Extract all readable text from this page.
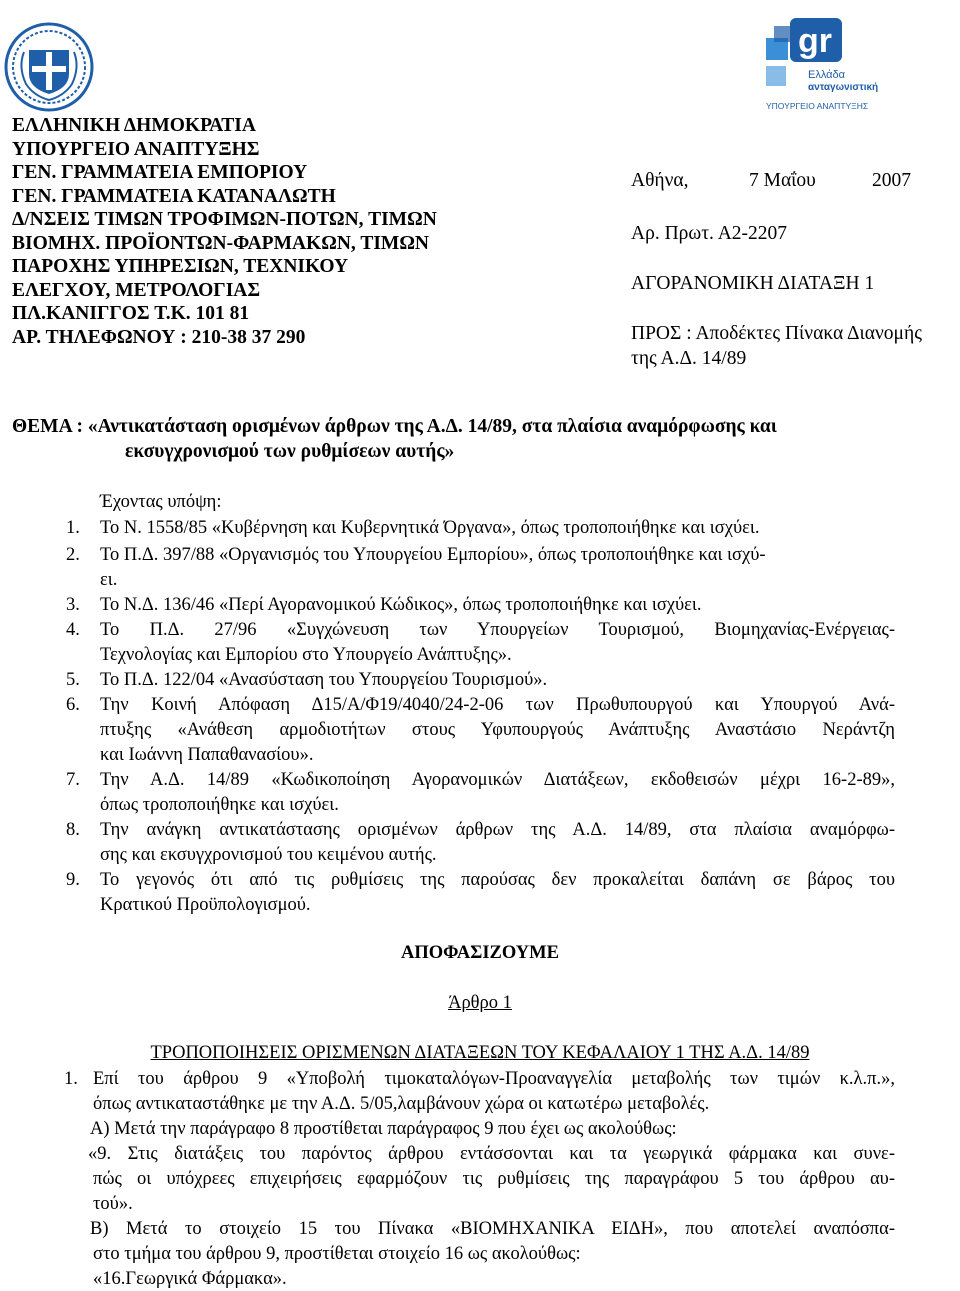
gr
Ελλάδα
ανταγωνιστική
ΥΠΟΥΡΓΕΙΟ ΑΝΑΠΤΥΞΗΣ
ΕΛΛΗΝΙΚΗ ΔΗΜΟΚΡΑΤΙΑ
ΥΠΟΥΡΓΕΙΟ ΑΝΑΠΤΥΞΗΣ
ΓΕΝ. ΓΡΑΜΜΑΤΕΙΑ ΕΜΠΟΡΙΟΥ
ΓΕΝ. ΓΡΑΜΜΑΤΕΙΑ ΚΑΤΑΝΑΛΩΤΗ
Δ/ΝΣΕΙΣ ΤΙΜΩΝ ΤΡΟΦΙΜΩΝ-ΠΟΤΩΝ, ΤΙΜΩΝ
ΒΙΟΜΗΧ. ΠΡΟΪΟΝΤΩΝ-ΦΑΡΜΑΚΩΝ, ΤΙΜΩΝ
ΠΑΡΟΧΗΣ ΥΠΗΡΕΣΙΩΝ, ΤΕΧΝΙΚΟΥ
ΕΛΕΓΧΟΥ, ΜΕΤΡΟΛΟΓΙΑΣ
ΠΛ.ΚΑΝΙΓΓΟΣ Τ.Κ. 101 81
ΑΡ. ΤΗΛΕΦΩΝΟΥ : 210-38 37 290
Αθήνα,	7 Μαΐου	2007
Αρ. Πρωτ. Α2-2207
ΑΓΟΡΑΝΟΜΙΚΗ ΔΙΑΤΑΞΗ 1
ΠΡΟΣ : Αποδέκτες Πίνακα Διανομής
της Α.Δ. 14/89
ΘΕΜΑ : «Αντικατάσταση ορισμένων άρθρων της Α.Δ. 14/89, στα πλαίσια αναμόρφωσης και
εκσυγχρονισμού των ρυθμίσεων αυτής»
Έχοντας υπόψη:
1. Το Ν. 1558/85 «Κυβέρνηση και Κυβερνητικά Όργανα», όπως τροποποιήθηκε και ισχύει.
2. Το Π.Δ. 397/88 «Οργανισμός του Υπουργείου Εμπορίου», όπως τροποποιήθηκε και ισχύ-
ει.
3. Το Ν.Δ. 136/46 «Περί Αγορανομικού Κώδικος», όπως τροποποιήθηκε και ισχύει.
4. Το Π.Δ. 27/96 «Συγχώνευση των Υπουργείων Τουρισμού, Βιομηχανίας-Ενέργειας-
Τεχνολογίας και Εμπορίου στο Υπουργείο Ανάπτυξης».
5. Το Π.Δ. 122/04 «Ανασύσταση του Υπουργείου Τουρισμού».
6. Την Κοινή Απόφαση Δ15/Α/Φ19/4040/24-2-06 των Πρωθυπουργού και Υπουργού Ανά-
πτυξης «Ανάθεση αρμοδιοτήτων στους Υφυπουργούς Ανάπτυξης Αναστάσιο Νεράντζη
και Ιωάννη Παπαθανασίου».
7. Την Α.Δ. 14/89 «Κωδικοποίηση Αγορανομικών Διατάξεων, εκδοθεισών μέχρι 16-2-89»,
όπως τροποποιήθηκε και ισχύει.
8. Την ανάγκη αντικατάστασης ορισμένων άρθρων της Α.Δ. 14/89, στα πλαίσια αναμόρφω-
σης και εκσυγχρονισμού του κειμένου αυτής.
9. Το γεγονός ότι από τις ρυθμίσεις της παρούσας δεν προκαλείται δαπάνη σε βάρος του
Κρατικού Προϋπολογισμού.
ΑΠΟΦΑΣΙΖΟΥΜΕ
Άρθρο 1
ΤΡΟΠΟΠΟΙΗΣΕΙΣ ΟΡΙΣΜΕΝΩΝ ΔΙΑΤΑΞΕΩΝ ΤΟΥ ΚΕΦΑΛΑΙΟΥ 1 ΤΗΣ Α.Δ. 14/89
1. Επί του άρθρου 9 «Υποβολή τιμοκαταλόγων-Προαναγγελία μεταβολής των τιμών κ.λ.π.»,
όπως αντικαταστάθηκε με την Α.Δ. 5/05,λαμβάνουν χώρα οι κατωτέρω μεταβολές.
Α) Μετά την παράγραφο 8 προστίθεται παράγραφος 9 που έχει ως ακολούθως:
«9. Στις διατάξεις του παρόντος άρθρου εντάσσονται και τα γεωργικά φάρμακα και συνε-
πώς οι υπόχρεες επιχειρήσεις εφαρμόζουν τις ρυθμίσεις της παραγράφου 5 του άρθρου αυ-
τού».
Β) Μετά το στοιχείο 15 του Πίνακα «ΒΙΟΜΗΧΑΝΙΚΑ ΕΙΔΗ», που αποτελεί αναπόσπα-
στο τμήμα του άρθρου 9, προστίθεται στοιχείο 16 ως ακολούθως:
«16.Γεωργικά Φάρμακα».
